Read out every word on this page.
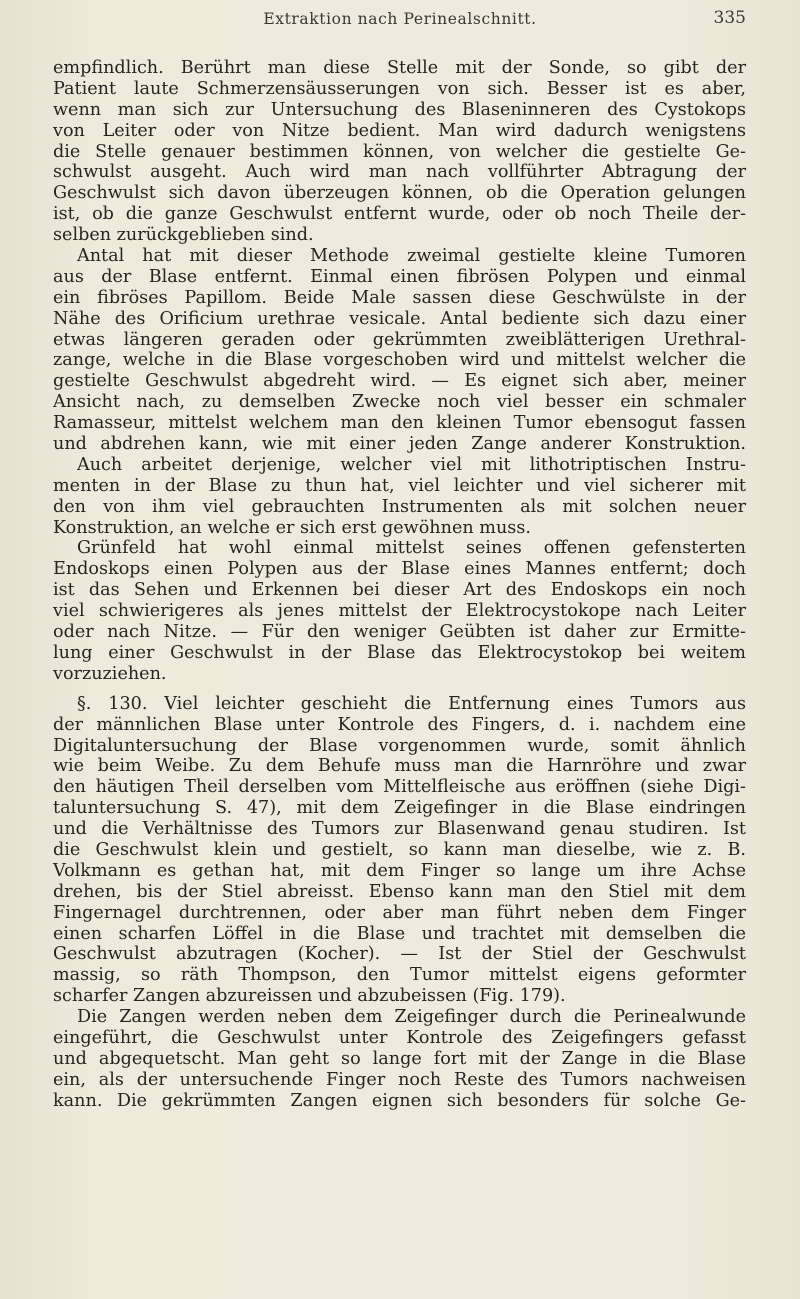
Extraktion nach Perinealschnitt.	335
empfindlich. Berührt man diese Stelle mit der Sonde, so gibt der
Patient laute Schmerzensäusserungen von sich. Besser ist es aber,
wenn man sich zur Untersuchung des Blaseninneren des Cystokops
von Leiter oder von Nitze bedient. Man wird dadurch wenigstens
die Stelle genauer bestimmen können, von welcher die gestielte Ge-
schwulst ausgeht. Auch wird man nach vollführter Abtragung der
Geschwulst sich davon überzeugen können, ob die Operation gelungen
ist, ob die ganze Geschwulst entfernt wurde, oder ob noch Theile der-
selben zurückgeblieben sind.
Antal hat mit dieser Methode zweimal gestielte kleine Tumoren
aus der Blase entfernt. Einmal einen fibrösen Polypen und einmal
ein fibröses Papillom. Beide Male sassen diese Geschwülste in der
Nähe des Orificium urethrae vesicale. Antal bediente sich dazu einer
etwas längeren geraden oder gekrümmten zweiblätterigen Urethral-
zange, welche in die Blase vorgeschoben wird und mittelst welcher die
gestielte Geschwulst abgedreht wird. — Es eignet sich aber, meiner
Ansicht nach, zu demselben Zwecke noch viel besser ein schmaler
Ramasseur, mittelst welchem man den kleinen Tumor ebensogut fassen
und abdrehen kann, wie mit einer jeden Zange anderer Konstruktion.
Auch arbeitet derjenige, welcher viel mit lithotriptischen Instru-
menten in der Blase zu thun hat, viel leichter und viel sicherer mit
den von ihm viel gebrauchten Instrumenten als mit solchen neuer
Konstruktion, an welche er sich erst gewöhnen muss.
Grünfeld hat wohl einmal mittelst seines offenen gefensterten
Endoskops einen Polypen aus der Blase eines Mannes entfernt; doch
ist das Sehen und Erkennen bei dieser Art des Endoskops ein noch
viel schwierigeres als jenes mittelst der Elektrocystokope nach Leiter
oder nach Nitze. — Für den weniger Geübten ist daher zur Ermitte-
lung einer Geschwulst in der Blase das Elektrocystokop bei weitem
vorzuziehen.
§. 130. Viel leichter geschieht die Entfernung eines Tumors aus
der männlichen Blase unter Kontrole des Fingers, d. i. nachdem eine
Digitaluntersuchung der Blase vorgenommen wurde, somit ähnlich
wie beim Weibe. Zu dem Behufe muss man die Harnröhre und zwar
den häutigen Theil derselben vom Mittelfleische aus eröffnen (siehe Digi-
taluntersuchung S. 47), mit dem Zeigefinger in die Blase eindringen
und die Verhältnisse des Tumors zur Blasenwand genau studiren. Ist
die Geschwulst klein und gestielt, so kann man dieselbe, wie z. B.
Volkmann es gethan hat, mit dem Finger so lange um ihre Achse
drehen, bis der Stiel abreisst. Ebenso kann man den Stiel mit dem
Fingernagel durchtrennen, oder aber man führt neben dem Finger
einen scharfen Löffel in die Blase und trachtet mit demselben die
Geschwulst abzutragen (Kocher). — Ist der Stiel der Geschwulst
massig, so räth Thompson, den Tumor mittelst eigens geformter
scharfer Zangen abzureissen und abzubeissen (Fig. 179).
Die Zangen werden neben dem Zeigefinger durch die Perinealwunde
eingeführt, die Geschwulst unter Kontrole des Zeigefingers gefasst
und abgequetscht. Man geht so lange fort mit der Zange in die Blase
ein, als der untersuchende Finger noch Reste des Tumors nachweisen
kann. Die gekrümmten Zangen eignen sich besonders für solche Ge-
